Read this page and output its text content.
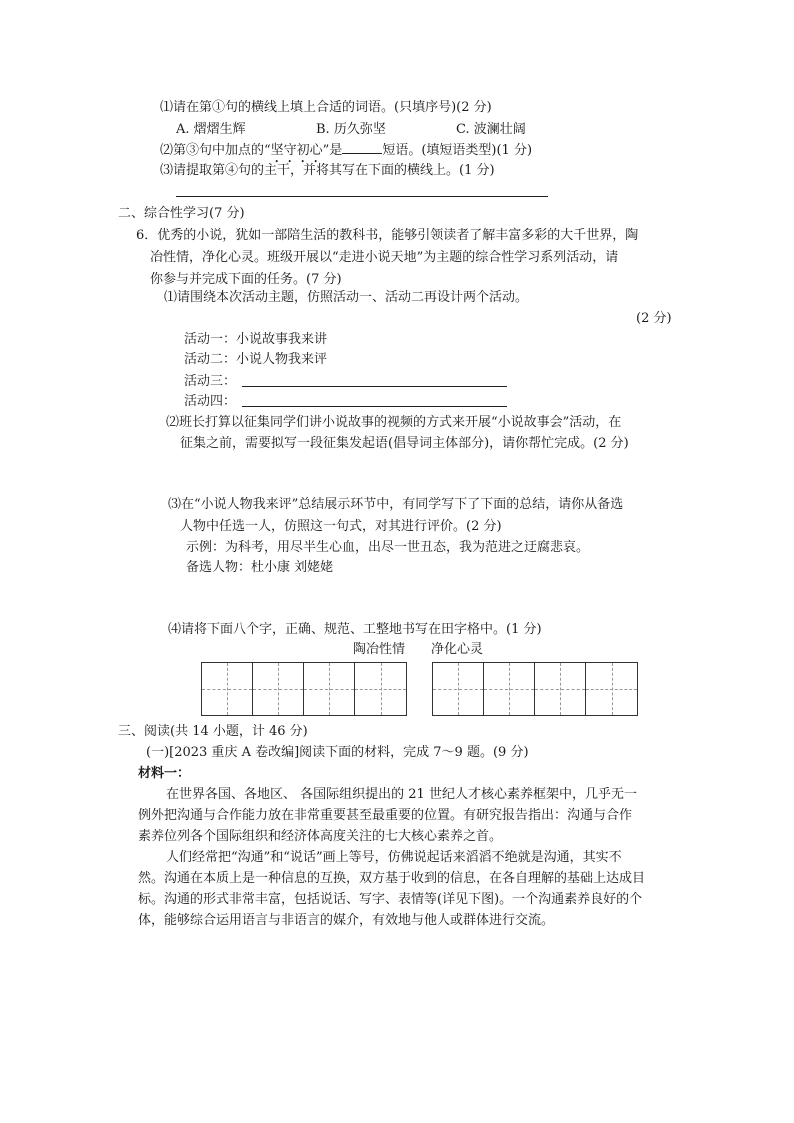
⑴请在第①句的横线上填上合适的词语。(只填序号)(2 分)
A. 熠熠生辉	B. 历久弥坚	C. 波澜壮阔
⑵第③句中加点的“坚守初心”是	短语。(填短语类型)(1 分)
⑶请提取第④句的主干，并将其写在下面的横线上。(1 分)
二、综合性学习(7 分)
6．优秀的小说，犹如一部陪生活的教科书，能够引领读者了解丰富多彩的大千世界，陶
冶性情，净化心灵。班级开展以“走进小说天地”为主题的综合性学习系列活动，请
你参与并完成下面的任务。(7 分)
⑴请围绕本次活动主题，仿照活动一、活动二再设计两个活动。
(2 分)
活动一：小说故事我来讲
活动二：小说人物我来评
活动三：
活动四：
⑵班长打算以征集同学们讲小说故事的视频的方式来开展“小说故事会”活动，在
征集之前，需要拟写一段征集发起语(倡导词主体部分)，请你帮忙完成。(2 分)
⑶在“小说人物我来评”总结展示环节中，有同学写下了下面的总结，请你从备选
人物中任选一人，仿照这一句式，对其进行评价。(2 分)
示例：为科考，用尽半生心血，出尽一世丑态，我为范进之迂腐悲哀。
备选人物：杜小康 刘姥姥
⑷请将下面八个字，正确、规范、工整地书写在田字格中。(1 分)
陶冶性情 净化心灵
三、阅读(共 14 小题，计 46 分)
(一)[2023 重庆 A 卷改编]阅读下面的材料，完成 7～9 题。(9 分)
材料一：
在世界各国、各地区、 各国际组织提出的 21 世纪人才核心素养框架中，几乎无一
例外把沟通与合作能力放在非常重要甚至最重要的位置。有研究报告指出：沟通与合作
素养位列各个国际组织和经济体高度关注的七大核心素养之首。
人们经常把“沟通”和“说话”画上等号，仿佛说起话来滔滔不绝就是沟通，其实不
然。沟通在本质上是一种信息的互换，双方基于收到的信息，在各自理解的基础上达成目
标。沟通的形式非常丰富，包括说话、写字、表情等(详见下图)。一个沟通素养良好的个
体，能够综合运用语言与非语言的媒介，有效地与他人或群体进行交流。
